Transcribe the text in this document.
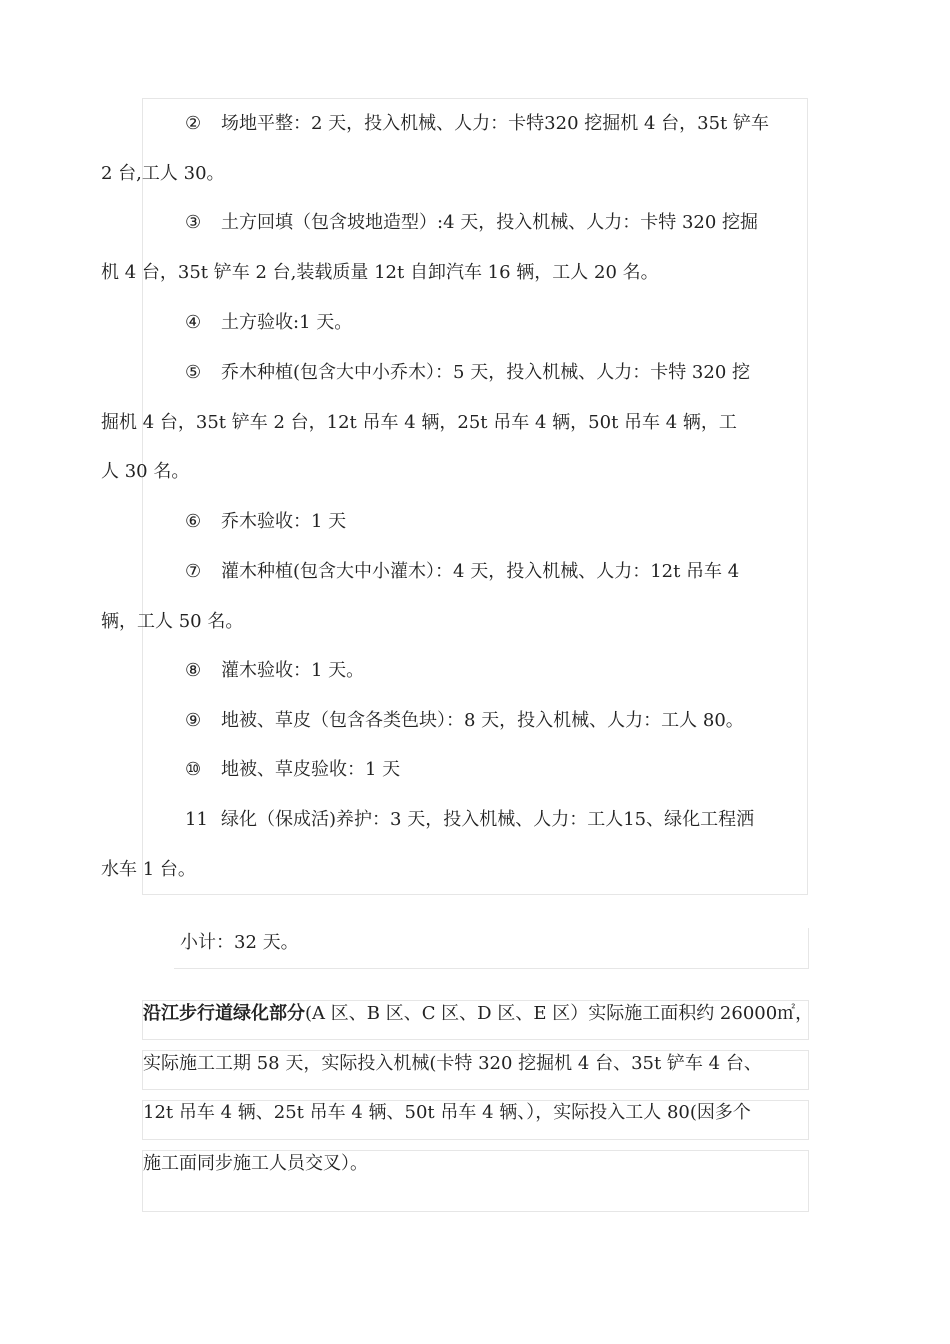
② 场地平整：2 天，投入机械、人力：卡特320 挖掘机 4 台，35t 铲车
2 台,工人 30。
③ 土方回填（包含坡地造型）:4 天，投入机械、人力：卡特 320 挖掘
机 4 台，35t 铲车 2 台,装载质量 12t 自卸汽车 16 辆，工人 20 名。
④ 土方验收:1 天。
⑤ 乔木种植(包含大中小乔木）：5 天，投入机械、人力：卡特 320 挖
掘机 4 台，35t 铲车 2 台，12t 吊车 4 辆，25t 吊车 4 辆，50t 吊车 4 辆，工
人 30 名。
⑥ 乔木验收：1 天
⑦ 灌木种植(包含大中小灌木）：4 天，投入机械、人力：12t 吊车 4
辆，工人 50 名。
⑧ 灌木验收：1 天。
⑨ 地被、草皮（包含各类色块）：8 天，投入机械、人力：工人 80。
⑩ 地被、草皮验收：1 天
11 绿化（保成活)养护：3 天，投入机械、人力：工人15、绿化工程洒
水车 1 台。
小计：32 天。
沿江步行道绿化部分(A 区、B 区、C 区、D 区、E 区）实际施工面积约 26000㎡，
实际施工工期 58 天，实际投入机械(卡特 320 挖掘机 4 台、35t 铲车 4 台、
12t 吊车 4 辆、25t 吊车 4 辆、50t 吊车 4 辆、），实际投入工人 80(因多个
施工面同步施工人员交叉）。
